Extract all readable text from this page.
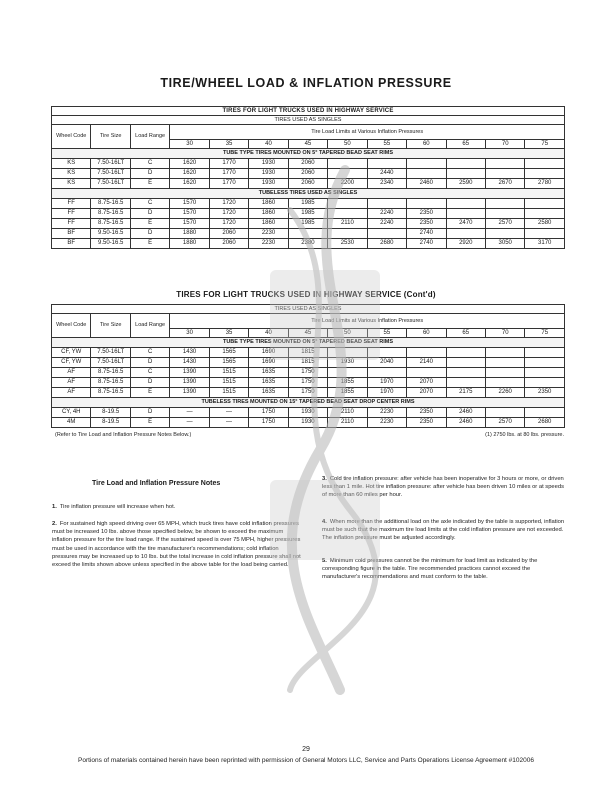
TIRE/WHEEL LOAD & INFLATION PRESSURE
TIRES FOR LIGHT TRUCKS USED IN HIGHWAY SERVICE												
TIRES USED AS SINGLES												
Wheel Code	Tire Size	Load Range	Tire Load Limits at Various Inflation Pressures									
			30	35	40	45	50	55	60	65	70	75
TUBE TYPE TIRES MOUNTED ON 5° TAPERED BEAD SEAT RIMS												
KS	7.50-16LT	C	1620	1770	1930	2060						
KS	7.50-16LT	D	1620	1770	1930	2060		2440				
KS	7.50-16LT	E	1620	1770	1930	2060	2200	2340	2460	2590	2670	2780
TUBELESS TIRES USED AS SINGLES												
FF	8.75-16.5	C	1570	1720	1860	1985						
FF	8.75-16.5	D	1570	1720	1860	1985		2240	2350			
FF	8.75-16.5	E	1570	1720	1860	1985	2110	2240	2350	2470	2570	2580
BF	9.50-16.5	D	1880	2060	2230				2740			
BF	9.50-16.5	E	1880	2060	2230	2380	2530	2680	2740	2920	3050	3170
TIRES FOR LIGHT TRUCKS USED IN HIGHWAY SERVICE (Cont'd)
TIRES USED AS SINGLES												
Wheel Code	Tire Size	Load Range	Tire Load Limits at Various Inflation Pressures									
			30	35	40	45	50	55	60	65	70	75
TUBE TYPE TIRES MOUNTED ON 5° TAPERED BEAD SEAT RIMS												
CF, YW	7.50-16LT	C	1430	1565	1690	1815						
CF, YW	7.50-16LT	D	1430	1565	1690	1815	1930	2040	2140			
AF	8.75-16.5	C	1390	1515	1635	1750						
AF	8.75-16.5	D	1390	1515	1635	1750	1855	1970	2070			
AF	8.75-16.5	E	1390	1515	1635	1750	1855	1970	2070	2175	2260	2350
TUBELESS TIRES MOUNTED ON 15° TAPERED BEAD SEAT DROP CENTER RIMS												
CY, 4H	8-19.5	D	—	—	1750	1930	2110	2230	2350	2460		
4M	8-19.5	E	—	—	1750	1930	2110	2230	2350	2460	2570	2680
(Refer to Tire Load and Inflation Pressure Notes Below.)	(1) 2750 lbs. at 80 lbs. pressure.
Tire Load and Inflation Pressure Notes
1. Tire inflation pressure will increase when hot.
2. For sustained high speed driving over 65 MPH, which truck tires have cold inflation pressures must be increased 10 lbs. above those specified below, be shown to exceed the maximum inflation pressure for the tire load range. If the sustained speed is over 75 MPH, higher pressures must be used in accordance with the tire manufacturer's recommendations; cold inflation pressures may be increased up to 10 lbs. but the total increase in cold inflation pressure shall not exceed the limits shown above unless specified in the above table for the load being carried.
3. Cold tire inflation pressure: after vehicle has been inoperative for 3 hours or more, or driven less than 1 mile. Hot tire inflation pressure: after vehicle has been driven 10 miles or at speeds of more than 60 miles per hour.
4. When more than the additional load on the axle indicated by the table is supported, inflation must be such that the maximum tire load limits at the cold inflation pressure are not exceeded. The inflation pressure must be adjusted accordingly.
5. Minimum cold pressures cannot be the minimum for load limit as indicated by the corresponding figure in the table. Tire recommended practices cannot exceed the manufacturer's recommendations and must conform to the table.
29
Portions of materials contained herein have been reprinted with permission of General Motors LLC, Service and Parts Operations License Agreement #102006
